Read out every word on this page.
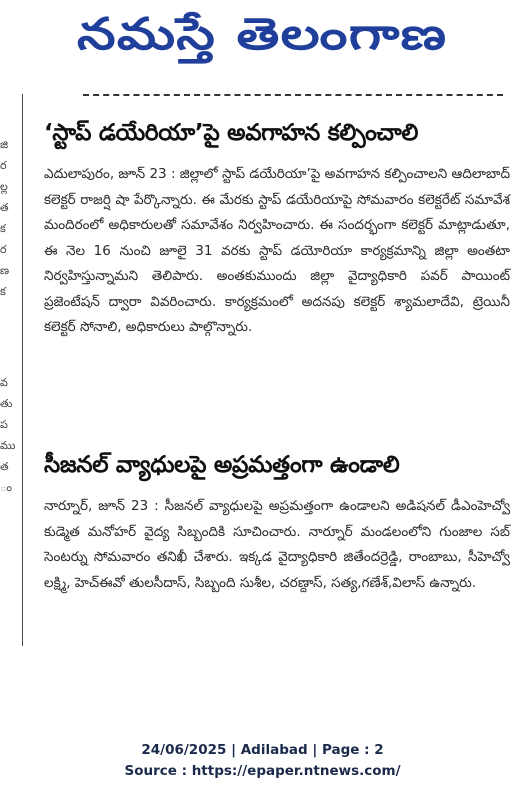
నమస్తే తెలంగాణ
జి
ర
ల్ల
త
క
ర
ణ
క
వ
తు
ప
ము
త
ం
‘స్టాప్ డయేరియా’పై అవగాహన కల్పించాలి

ఎదులాపురం, జూన్ 23 : జిల్లాలో స్టాప్ డయేరియా’పై అవగాహన కల్పించాలని ఆదిలాబాద్ కలెక్టర్ రాజర్షి షా పేర్కొన్నారు. ఈ మేరకు స్టాప్ డయేరియాపై సోమవారం కలెక్టరేట్ సమావేశ మందిరంలో అధికారులతో సమావేశం నిర్వహించారు. ఈ సందర్భంగా కలెక్టర్ మాట్లాడుతూ, ఈ నెల 16 నుంచి జూలై 31 వరకు స్టాప్ డయోరియా కార్యక్రమాన్ని జిల్లా అంతటా నిర్వహిస్తున్నామని తెలిపారు. అంతకుముందు జిల్లా వైద్యాధికారి పవర్ పాయింట్ ప్రజెంటేషన్ ద్వారా వివరించారు. కార్యక్రమంలో అదనపు కలెక్టర్ శ్యామలాదేవి, ట్రెయినీ కలెక్టర్ సోనాలి, అధికారులు పాల్గొన్నారు.

సీజనల్ వ్యాధులపై అప్రమత్తంగా ఉండాలి

నార్నూర్, జూన్ 23 : సీజనల్ వ్యాధులపై అప్రమత్తంగా ఉండాలని అడిషనల్ డీఎంహెచ్వో కుడ్మెత మనోహర్ వైద్య సిబ్బందికి సూచించారు. నార్నూర్ మండలంలోని గుంజాల సబ్ సెంటర్ను సోమవారం తనిఖీ చేశారు. ఇక్కడ వైద్యాధికారి జితేందర్రెడ్డి, రాంబాబు, సీహెచ్వో లక్ష్మి, హెచ్ఈవో తులసీదాస్, సిబ్బంది సుశీల, చరణ్దాస్, సత్య,గణేశ్,విలాస్ ఉన్నారు.

24/06/2025 | Adilabad | Page : 2
Source : https://epaper.ntnews.com/
